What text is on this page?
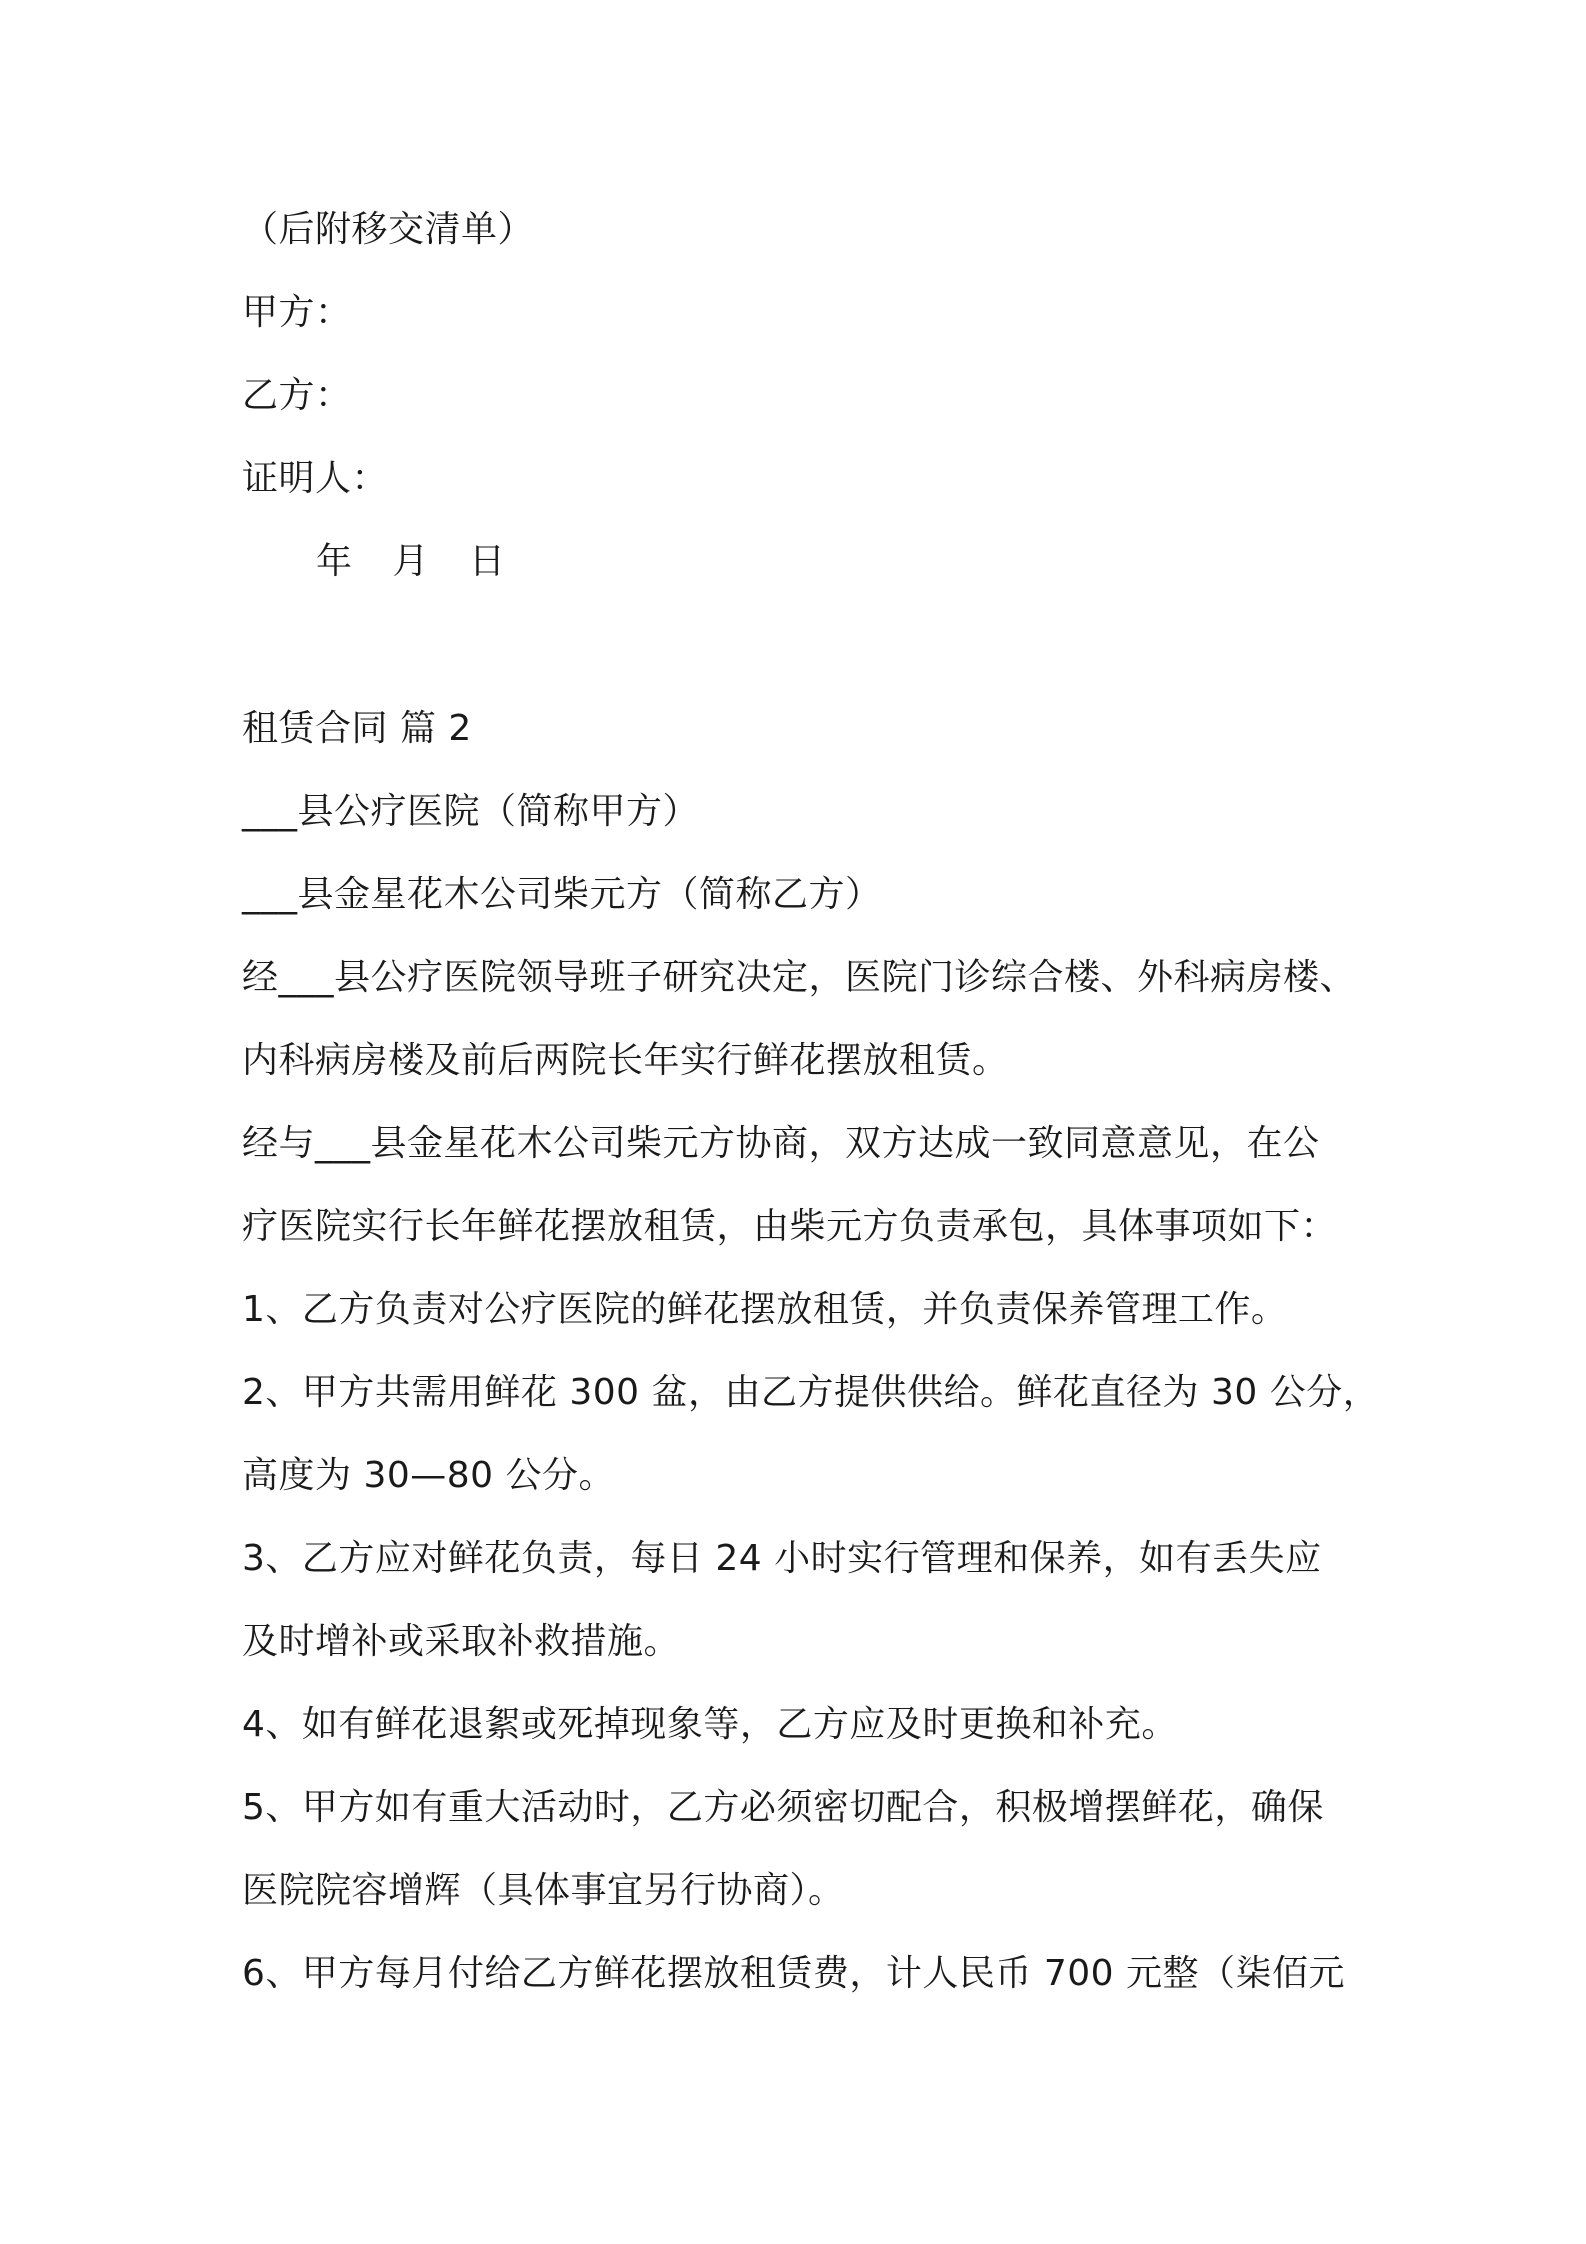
（后附移交清单）
甲方：
乙方：
证明人：
年 月 日
租赁合同 篇 2
___县公疗医院（简称甲方）
___县金星花木公司柴元方（简称乙方）
经___县公疗医院领导班子研究决定，医院门诊综合楼、外科病房楼、
内科病房楼及前后两院长年实行鲜花摆放租赁。
经与___县金星花木公司柴元方协商，双方达成一致同意意见，在公
疗医院实行长年鲜花摆放租赁，由柴元方负责承包，具体事项如下：
1、乙方负责对公疗医院的鲜花摆放租赁，并负责保养管理工作。
2、甲方共需用鲜花 300 盆，由乙方提供供给。鲜花直径为 30 公分，
高度为 30—80 公分。
3、乙方应对鲜花负责，每日 24 小时实行管理和保养，如有丢失应
及时增补或采取补救措施。
4、如有鲜花退絮或死掉现象等，乙方应及时更换和补充。
5、甲方如有重大活动时，乙方必须密切配合，积极增摆鲜花，确保
医院院容增辉（具体事宜另行协商）。
6、甲方每月付给乙方鲜花摆放租赁费，计人民币 700 元整（柒佰元
